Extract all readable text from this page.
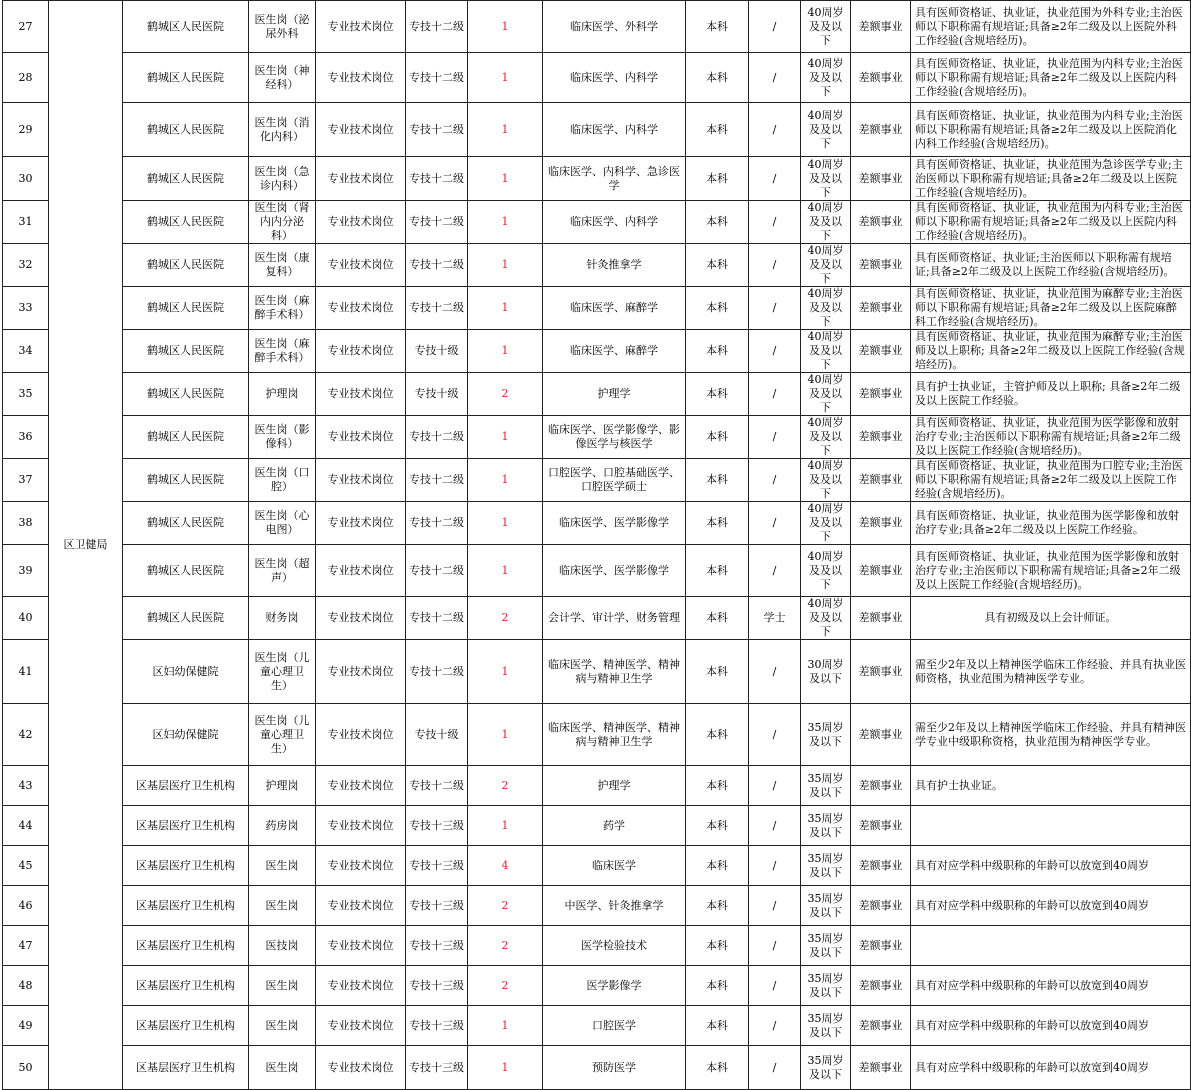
27	区卫健局	鹤城区人民医院	医生岗（泌尿外科	专业技术岗位	专技十二级	1	临床医学、外科学	本科	/	40周岁及及以下	差额事业	具有医师资格证、执业证，执业范围为外科专业;主治医师以下职称需有规培证;具备≥2年二级及以上医院外科工作经验(含规培经历)。
28		鹤城区人民医院	医生岗（神经科）	专业技术岗位	专技十二级	1	临床医学、内科学	本科	/	40周岁及及以下	差额事业	具有医师资格证、执业证，执业范围为内科专业;主治医师以下职称需有规培证;具备≥2年二级及以上医院内科工作经验(含规培经历)。
29		鹤城区人民医院	医生岗（消化内科）	专业技术岗位	专技十二级	1	临床医学、内科学	本科	/	40周岁及及以下	差额事业	具有医师资格证、执业证，执业范围为内科专业;主治医师以下职称需有规培证;具备≥2年二级及以上医院消化内科工作经验(含规培经历)。
30		鹤城区人民医院	医生岗（急诊内科）	专业技术岗位	专技十二级	1	临床医学、内科学、急诊医学	本科	/	40周岁及及以下	差额事业	具有医师资格证、执业证，执业范围为急诊医学专业;主治医师以下职称需有规培证;具备≥2年二级及以上医院工作经验(含规培经历)。
31		鹤城区人民医院	医生岗（肾内内分泌科）	专业技术岗位	专技十二级	1	临床医学、内科学	本科	/	40周岁及及以下	差额事业	具有医师资格证、执业证，执业范围为内科专业;主治医师以下职称需有规培证;具备≥2年二级及以上医院内科工作经验(含规培经历)。
32		鹤城区人民医院	医生岗（康复科）	专业技术岗位	专技十二级	1	针灸推拿学	本科	/	40周岁及及以下	差额事业	具有医师资格证、执业证;主治医师以下职称需有规培证;具备≥2年二级及以上医院工作经验(含规培经历)。
33		鹤城区人民医院	医生岗（麻醉手术科）	专业技术岗位	专技十二级	1	临床医学、麻醉学	本科	/	40周岁及及以下	差额事业	具有医师资格证、执业证，执业范围为麻醉专业;主治医师以下职称需有规培证;具备≥2年二级及以上医院麻醉科工作经验(含规培经历)。
34		鹤城区人民医院	医生岗（麻醉手术科）	专业技术岗位	专技十级	1	临床医学、麻醉学	本科	/	40周岁及及以下	差额事业	具有医师资格证、执业证，执业范围为麻醉专业;主治医师及以上职称; 具备≥2年二级及以上医院工作经验(含规培经历)。
35		鹤城区人民医院	护理岗	专业技术岗位	专技十级	2	护理学	本科	/	40周岁及及以下	差额事业	具有护士执业证，主管护师及以上职称; 具备≥2年二级及以上医院工作经验。
36		鹤城区人民医院	医生岗（影像科）	专业技术岗位	专技十二级	1	临床医学、医学影像学、影像医学与核医学	本科	/	40周岁及及以下	差额事业	具有医师资格证、执业证，执业范围为医学影像和放射治疗专业;主治医师以下职称需有规培证;具备≥2年二级及以上医院工作经验(含规培经历)。
37		鹤城区人民医院	医生岗（口腔）	专业技术岗位	专技十二级	1	口腔医学、口腔基础医学、口腔医学硕士	本科	/	40周岁及及以下	差额事业	具有医师资格证、执业证，执业范围为口腔专业;主治医师以下职称需有规培证;具备≥2年二级及以上医院工作经验(含规培经历)。
38		鹤城区人民医院	医生岗（心电图）	专业技术岗位	专技十二级	1	临床医学、医学影像学	本科	/	40周岁及及以下	差额事业	具有医师资格证、执业证，执业范围为医学影像和放射治疗专业;具备≥2年二级及以上医院工作经验。
39		鹤城区人民医院	医生岗（超声）	专业技术岗位	专技十二级	1	临床医学、医学影像学	本科	/	40周岁及及以下	差额事业	具有医师资格证、执业证，执业范围为医学影像和放射治疗专业;主治医师以下职称需有规培证;具备≥2年二级及以上医院工作经验(含规培经历)。
40		鹤城区人民医院	财务岗	专业技术岗位	专技十二级	2	会计学、审计学、财务管理	本科	学士	40周岁及及以下	差额事业	具有初级及以上会计师证。
41		区妇幼保健院	医生岗（儿童心理卫生）	专业技术岗位	专技十二级	1	临床医学、精神医学、精神病与精神卫生学	本科	/	30周岁及以下	差额事业	需至少2年及以上精神医学临床工作经验、并具有执业医师资格，执业范围为精神医学专业。
42		区妇幼保健院	医生岗（儿童心理卫生）	专业技术岗位	专技十级	1	临床医学、精神医学、精神病与精神卫生学	本科	/	35周岁及以下	差额事业	需至少2年及以上精神医学临床工作经验、并具有精神医学专业中级职称资格，执业范围为精神医学专业。
43		区基层医疗卫生机构	护理岗	专业技术岗位	专技十二级	2	护理学	本科	/	35周岁及以下	差额事业	具有护士执业证。
44		区基层医疗卫生机构	药房岗	专业技术岗位	专技十三级	1	药学	本科	/	35周岁及以下	差额事业	
45		区基层医疗卫生机构	医生岗	专业技术岗位	专技十三级	4	临床医学	本科	/	35周岁及以下	差额事业	具有对应学科中级职称的年龄可以放宽到40周岁
46		区基层医疗卫生机构	医生岗	专业技术岗位	专技十三级	2	中医学、针灸推拿学	本科	/	35周岁及以下	差额事业	具有对应学科中级职称的年龄可以放宽到40周岁
47		区基层医疗卫生机构	医技岗	专业技术岗位	专技十三级	2	医学检验技术	本科	/	35周岁及以下	差额事业	
48		区基层医疗卫生机构	医生岗	专业技术岗位	专技十三级	2	医学影像学	本科	/	35周岁及以下	差额事业	具有对应学科中级职称的年龄可以放宽到40周岁
49		区基层医疗卫生机构	医生岗	专业技术岗位	专技十三级	1	口腔医学	本科	/	35周岁及以下	差额事业	具有对应学科中级职称的年龄可以放宽到40周岁
50		区基层医疗卫生机构	医生岗	专业技术岗位	专技十三级	1	预防医学	本科	/	35周岁及以下	差额事业	具有对应学科中级职称的年龄可以放宽到40周岁
